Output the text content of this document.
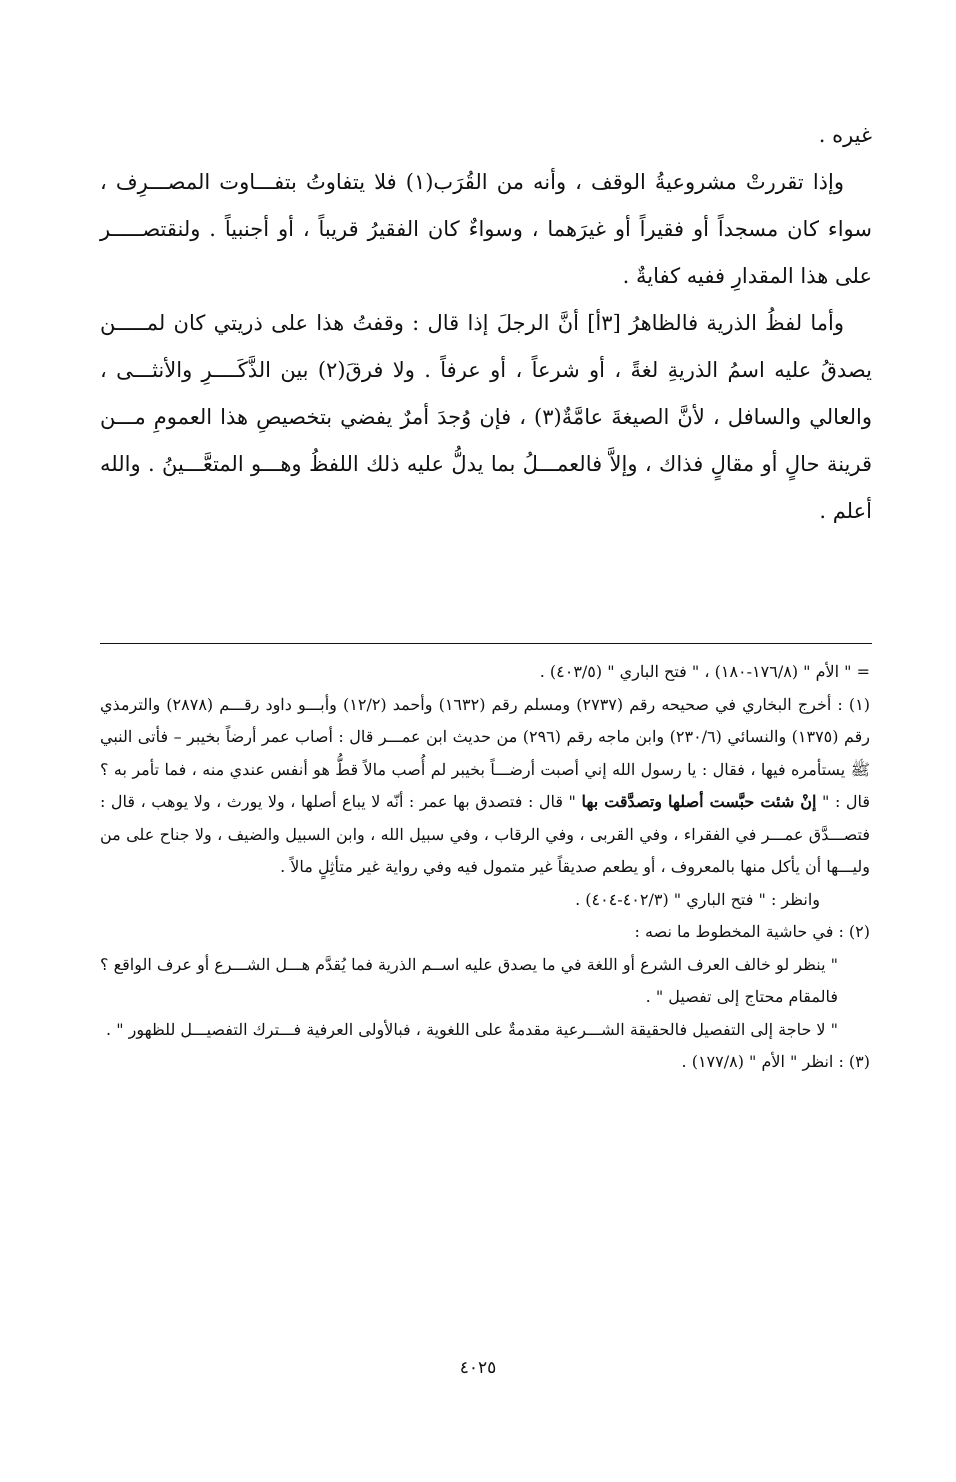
غيره .

وإذا تقررتْ مشروعيةُ الوقف ، وأنه من القُرَب(١) فلا يتفاوتُ بتفـــاوت المصـــرِف ، سواء كان مسجداً أو فقيراً أو غيرَهما ، وسواءٌ كان الفقيرُ قريباً ، أو أجنبياً . ولنقتصـــــر على هذا المقدارِ ففيه كفايةٌ .

وأما لفظُ الذرية فالظاهرُ [٣أ] أنَّ الرجلَ إذا قال : وقفتُ هذا على ذريتي كان لمـــــن يصدقُ عليه اسمُ الذريةِ لغةً ، أو شرعاً ، أو عرفاً . ولا فرقَ(٢) بين الذَّكَــــرِ والأنثـــى ، والعالي والسافل ، لأنَّ الصيغةَ عامَّةٌ(٣) ، فإن وُجدَ أمرٌ يفضي بتخصيصِ هذا العمومِ مـــن قرينة حالٍ أو مقالٍ فذاك ، وإلاَّ فالعمـــلُ بما يدلُّ عليه ذلك اللفظُ وهـــو المتعَّـــينُ . والله أعلم .

= " الأم " (١٧٦/٨-١٨٠) ، " فتح الباري " (٤٠٣/٥) .

(١) : أخرج البخاري في صحيحه رقم (٢٧٣٧) ومسلم رقم (١٦٣٢) وأحمد (١٢/٢) وأبـــو داود رقـــم (٢٨٧٨) والترمذي رقم (١٣٧٥) والنسائي (٢٣٠/٦) وابن ماجه رقم (٢٩٦) من حديث ابن عمـــر قال : أصاب عمر أرضاً بخيبر – فأتى النبي ﷺ يستأمره فيها ، فقال : يا رسول الله إني أصبت أرضـــاً بخيبر لم أُصب مالاً قطُّ هو أنفس عندي منه ، فما تأمر به ؟ قال : " إنْ شئت حبَّست أصلها وتصدَّقت بها " قال : فتصدق بها عمر : أنّه لا يباع أصلها ، ولا يورث ، ولا يوهب ، قال : فتصـــدَّق عمـــر في الفقراء ، وفي القربى ، وفي الرقاب ، وفي سبيل الله ، وابن السبيل والضيف ، ولا جناح على من وليـــها أن يأكل منها بالمعروف ، أو يطعم صديقاً غير متمول فيه وفي رواية غير متأثِلٍ مالاً .

وانظر : " فتح الباري " (٤٠٢/٣-٤٠٤) .

(٢) : في حاشية المخطوط ما نصه :

" ينظر لو خالف العرف الشرع أو اللغة في ما يصدق عليه اســم الذرية فما يُقدَّم هـــل الشـــرع أو عرف الواقع ؟ فالمقام محتاج إلى تفصيل " .

" لا حاجة إلى التفصيل فالحقيقة الشـــرعية مقدمةٌ على اللغوية ، فبالأولى العرفية فـــترك التفصيـــل للظهور " .

(٣) : انظر " الأم " (١٧٧/٨) .

٤٠٢٥
